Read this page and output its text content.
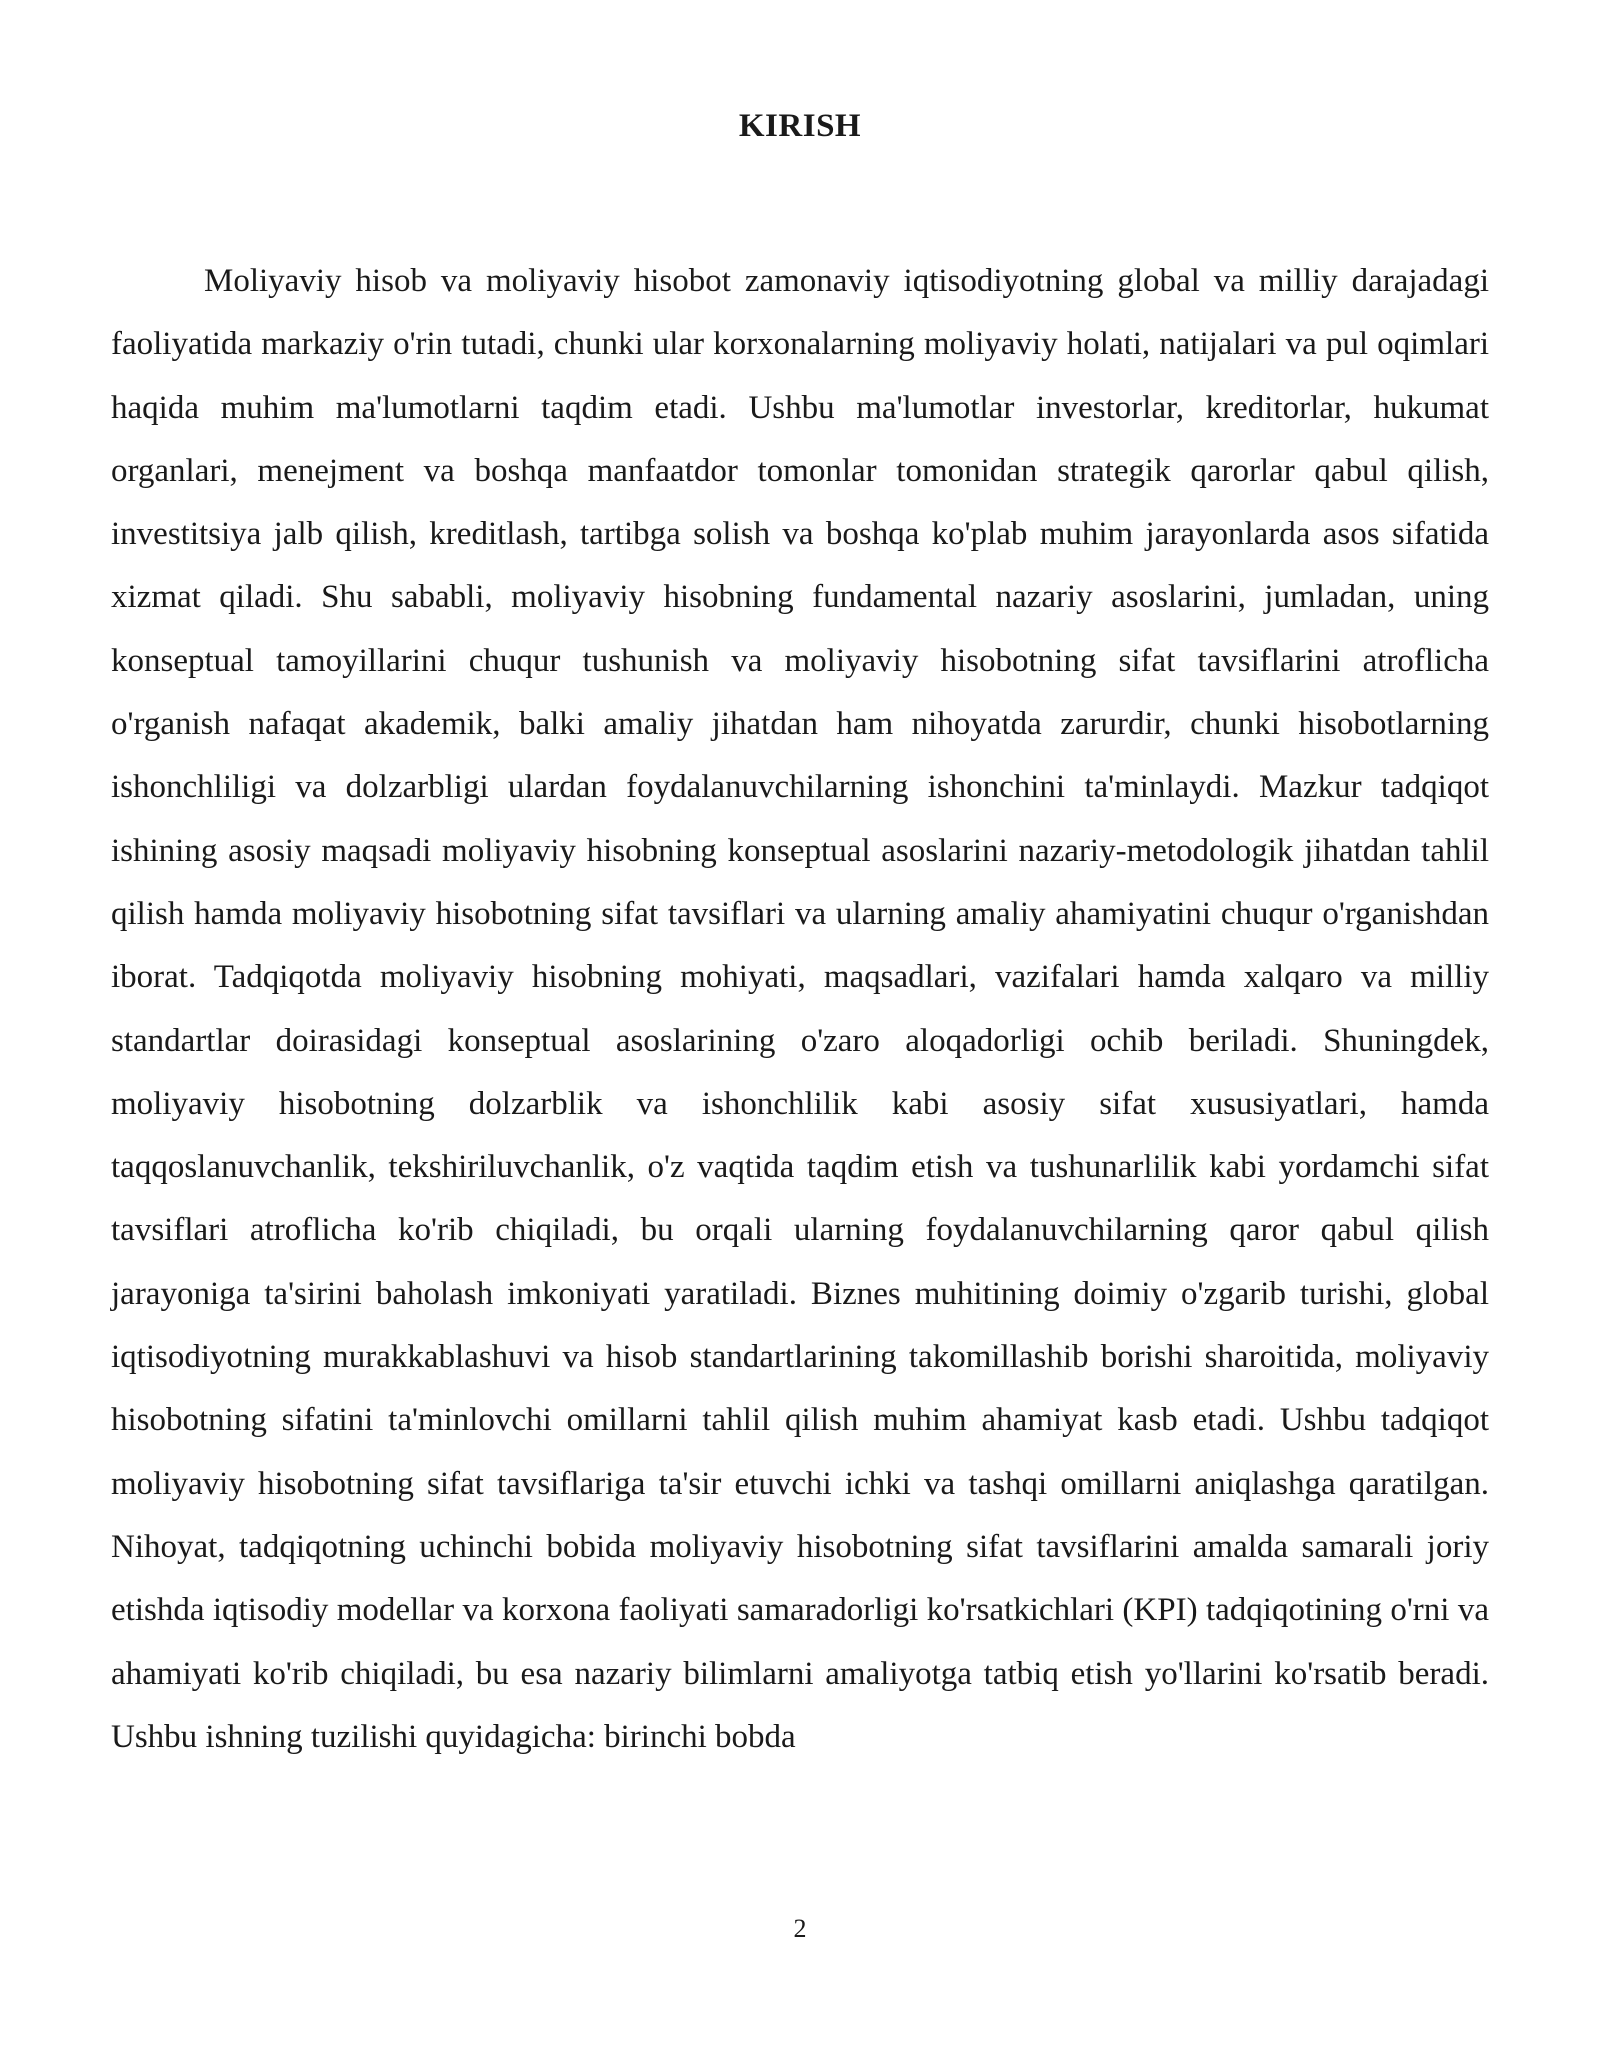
KIRISH

Moliyaviy hisob va moliyaviy hisobot zamonaviy iqtisodiyotning global va milliy darajadagi faoliyatida markaziy o'rin tutadi, chunki ular korxonalarning moliyaviy holati, natijalari va pul oqimlari haqida muhim ma'lumotlarni taqdim etadi. Ushbu ma'lumotlar investorlar, kreditorlar, hukumat organlari, menejment va boshqa manfaatdor tomonlar tomonidan strategik qarorlar qabul qilish, investitsiya jalb qilish, kreditlash, tartibga solish va boshqa ko'plab muhim jarayonlarda asos sifatida xizmat qiladi. Shu sababli, moliyaviy hisobning fundamental nazariy asoslarini, jumladan, uning konseptual tamoyillarini chuqur tushunish va moliyaviy hisobotning sifat tavsiflarini atroflicha o'rganish nafaqat akademik, balki amaliy jihatdan ham nihoyatda zarurdir, chunki hisobotlarning ishonchliligi va dolzarbligi ulardan foydalanuvchilarning ishonchini ta'minlaydi. Mazkur tadqiqot ishining asosiy maqsadi moliyaviy hisobning konseptual asoslarini nazariy-metodologik jihatdan tahlil qilish hamda moliyaviy hisobotning sifat tavsiflari va ularning amaliy ahamiyatini chuqur o'rganishdan iborat. Tadqiqotda moliyaviy hisobning mohiyati, maqsadlari, vazifalari hamda xalqaro va milliy standartlar doirasidagi konseptual asoslarining o'zaro aloqadorligi ochib beriladi. Shuningdek, moliyaviy hisobotning dolzarblik va ishonchlilik kabi asosiy sifat xususiyatlari, hamda taqqoslanuvchanlik, tekshiriluvchanlik, o'z vaqtida taqdim etish va tushunarlilik kabi yordamchi sifat tavsiflari atroflicha ko'rib chiqiladi, bu orqali ularning foydalanuvchilarning qaror qabul qilish jarayoniga ta'sirini baholash imkoniyati yaratiladi. Biznes muhitining doimiy o'zgarib turishi, global iqtisodiyotning murakkablashuvi va hisob standartlarining takomillashib borishi sharoitida, moliyaviy hisobotning sifatini ta'minlovchi omillarni tahlil qilish muhim ahamiyat kasb etadi. Ushbu tadqiqot moliyaviy hisobotning sifat tavsiflariga ta'sir etuvchi ichki va tashqi omillarni aniqlashga qaratilgan. Nihoyat, tadqiqotning uchinchi bobida moliyaviy hisobotning sifat tavsiflarini amalda samarali joriy etishda iqtisodiy modellar va korxona faoliyati samaradorligi ko'rsatkichlari (KPI) tadqiqotining o'rni va ahamiyati ko'rib chiqiladi, bu esa nazariy bilimlarni amaliyotga tatbiq etish yo'llarini ko'rsatib beradi. Ushbu ishning tuzilishi quyidagicha: birinchi bobda

2
